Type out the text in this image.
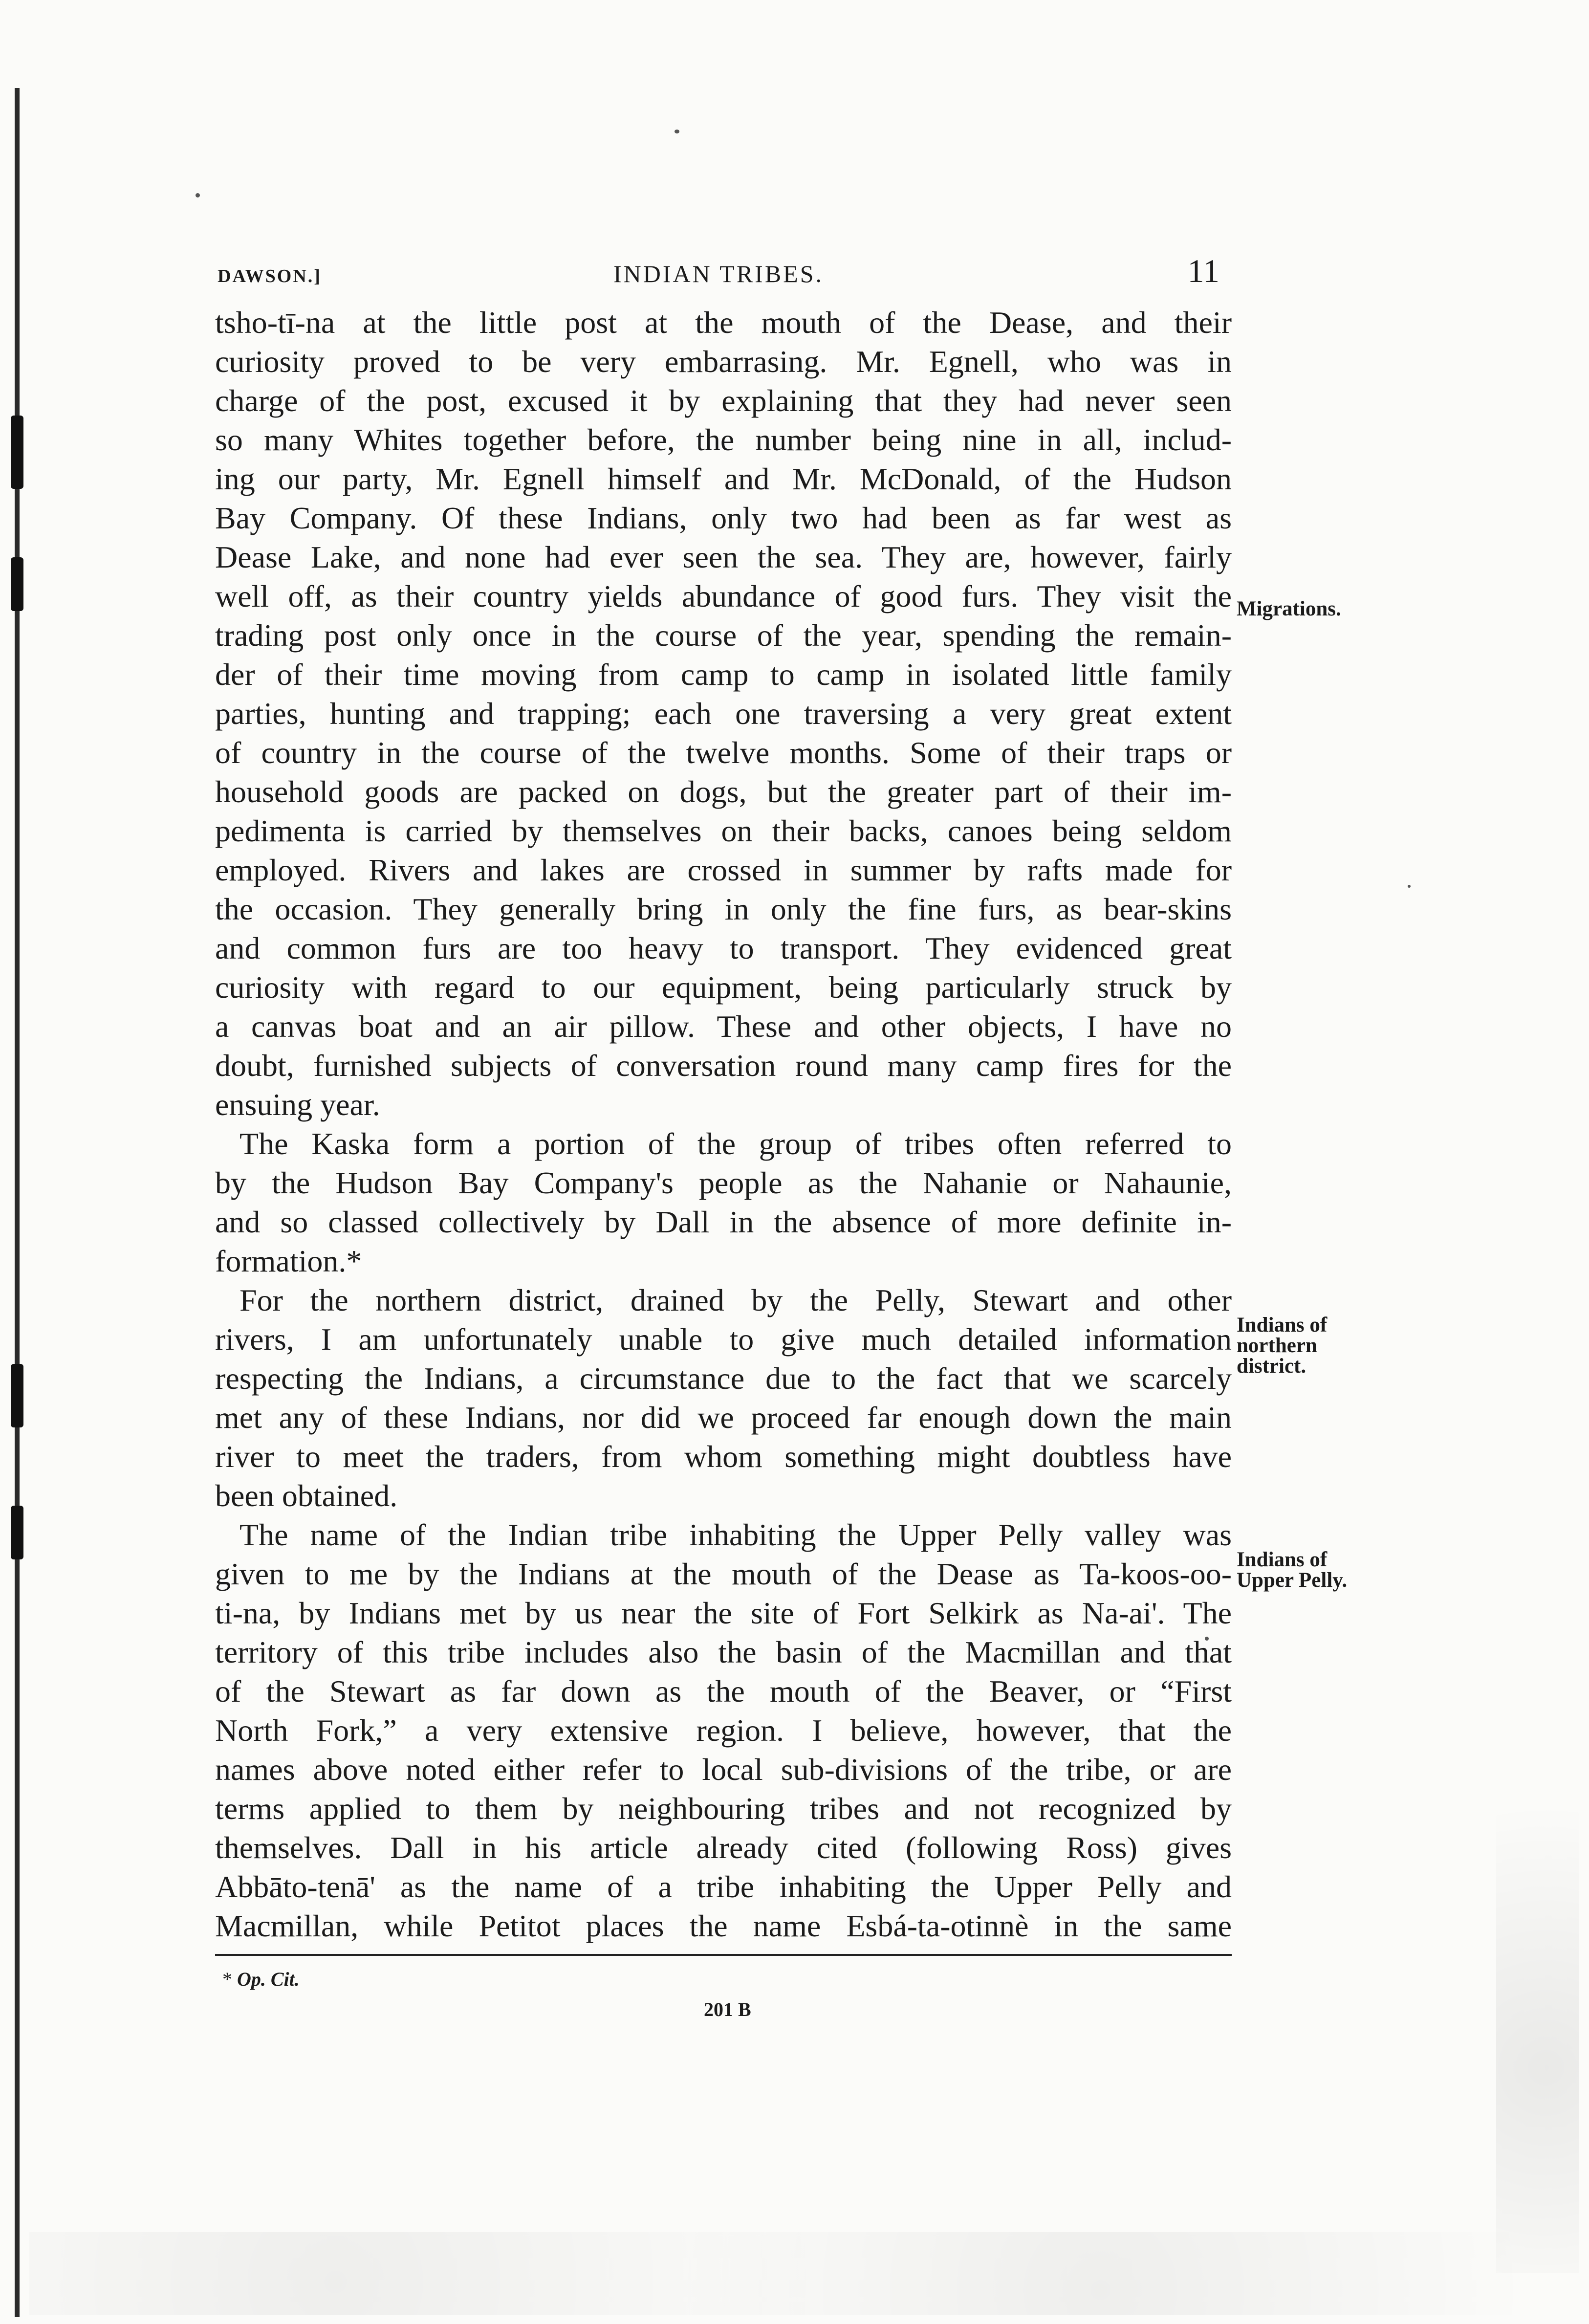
DAWSON.]	INDIAN TRIBES.	11
tsho-tī-na at the little post at the mouth of the Dease, and their
curiosity proved to be very embarrasing. Mr. Egnell, who was in
charge of the post, excused it by explaining that they had never seen
so many Whites together before, the number being nine in all, includ-
ing our party, Mr. Egnell himself and Mr. McDonald, of the Hudson
Bay Company. Of these Indians, only two had been as far west as
Dease Lake, and none had ever seen the sea. They are, however, fairly
well off, as their country yields abundance of good furs. They visit the
trading post only once in the course of the year, spending the remain-
der of their time moving from camp to camp in isolated little family
parties, hunting and trapping; each one traversing a very great extent
of country in the course of the twelve months. Some of their traps or
household goods are packed on dogs, but the greater part of their im-
pedimenta is carried by themselves on their backs, canoes being seldom
employed. Rivers and lakes are crossed in summer by rafts made for
the occasion. They generally bring in only the fine furs, as bear-skins
and common furs are too heavy to transport. They evidenced great
curiosity with regard to our equipment, being particularly struck by
a canvas boat and an air pillow. These and other objects, I have no
doubt, furnished subjects of conversation round many camp fires for the
ensuing year.
The Kaska form a portion of the group of tribes often referred to
by the Hudson Bay Company's people as the Nahanie or Nahaunie,
and so classed collectively by Dall in the absence of more definite in-
formation.*
For the northern district, drained by the Pelly, Stewart and other
rivers, I am unfortunately unable to give much detailed information
respecting the Indians, a circumstance due to the fact that we scarcely
met any of these Indians, nor did we proceed far enough down the main
river to meet the traders, from whom something might doubtless have
been obtained.
The name of the Indian tribe inhabiting the Upper Pelly valley was
given to me by the Indians at the mouth of the Dease as Ta-koos-oo-
ti-na, by Indians met by us near the site of Fort Selkirk as Na-ai'. The
territory of this tribe includes also the basin of the Macmillan and that
of the Stewart as far down as the mouth of the Beaver, or “First
North Fork,” a very extensive region. I believe, however, that the
names above noted either refer to local sub-divisions of the tribe, or are
terms applied to them by neighbouring tribes and not recognized by
themselves. Dall in his article already cited (following Ross) gives
Abbāto-tenā' as the name of a tribe inhabiting the Upper Pelly and
Macmillan, while Petitot places the name Esbá-ta-otinnè in the same
Migrations.
Indians of northern district.
Indians of Upper Pelly.
* Op. Cit.
201 B
